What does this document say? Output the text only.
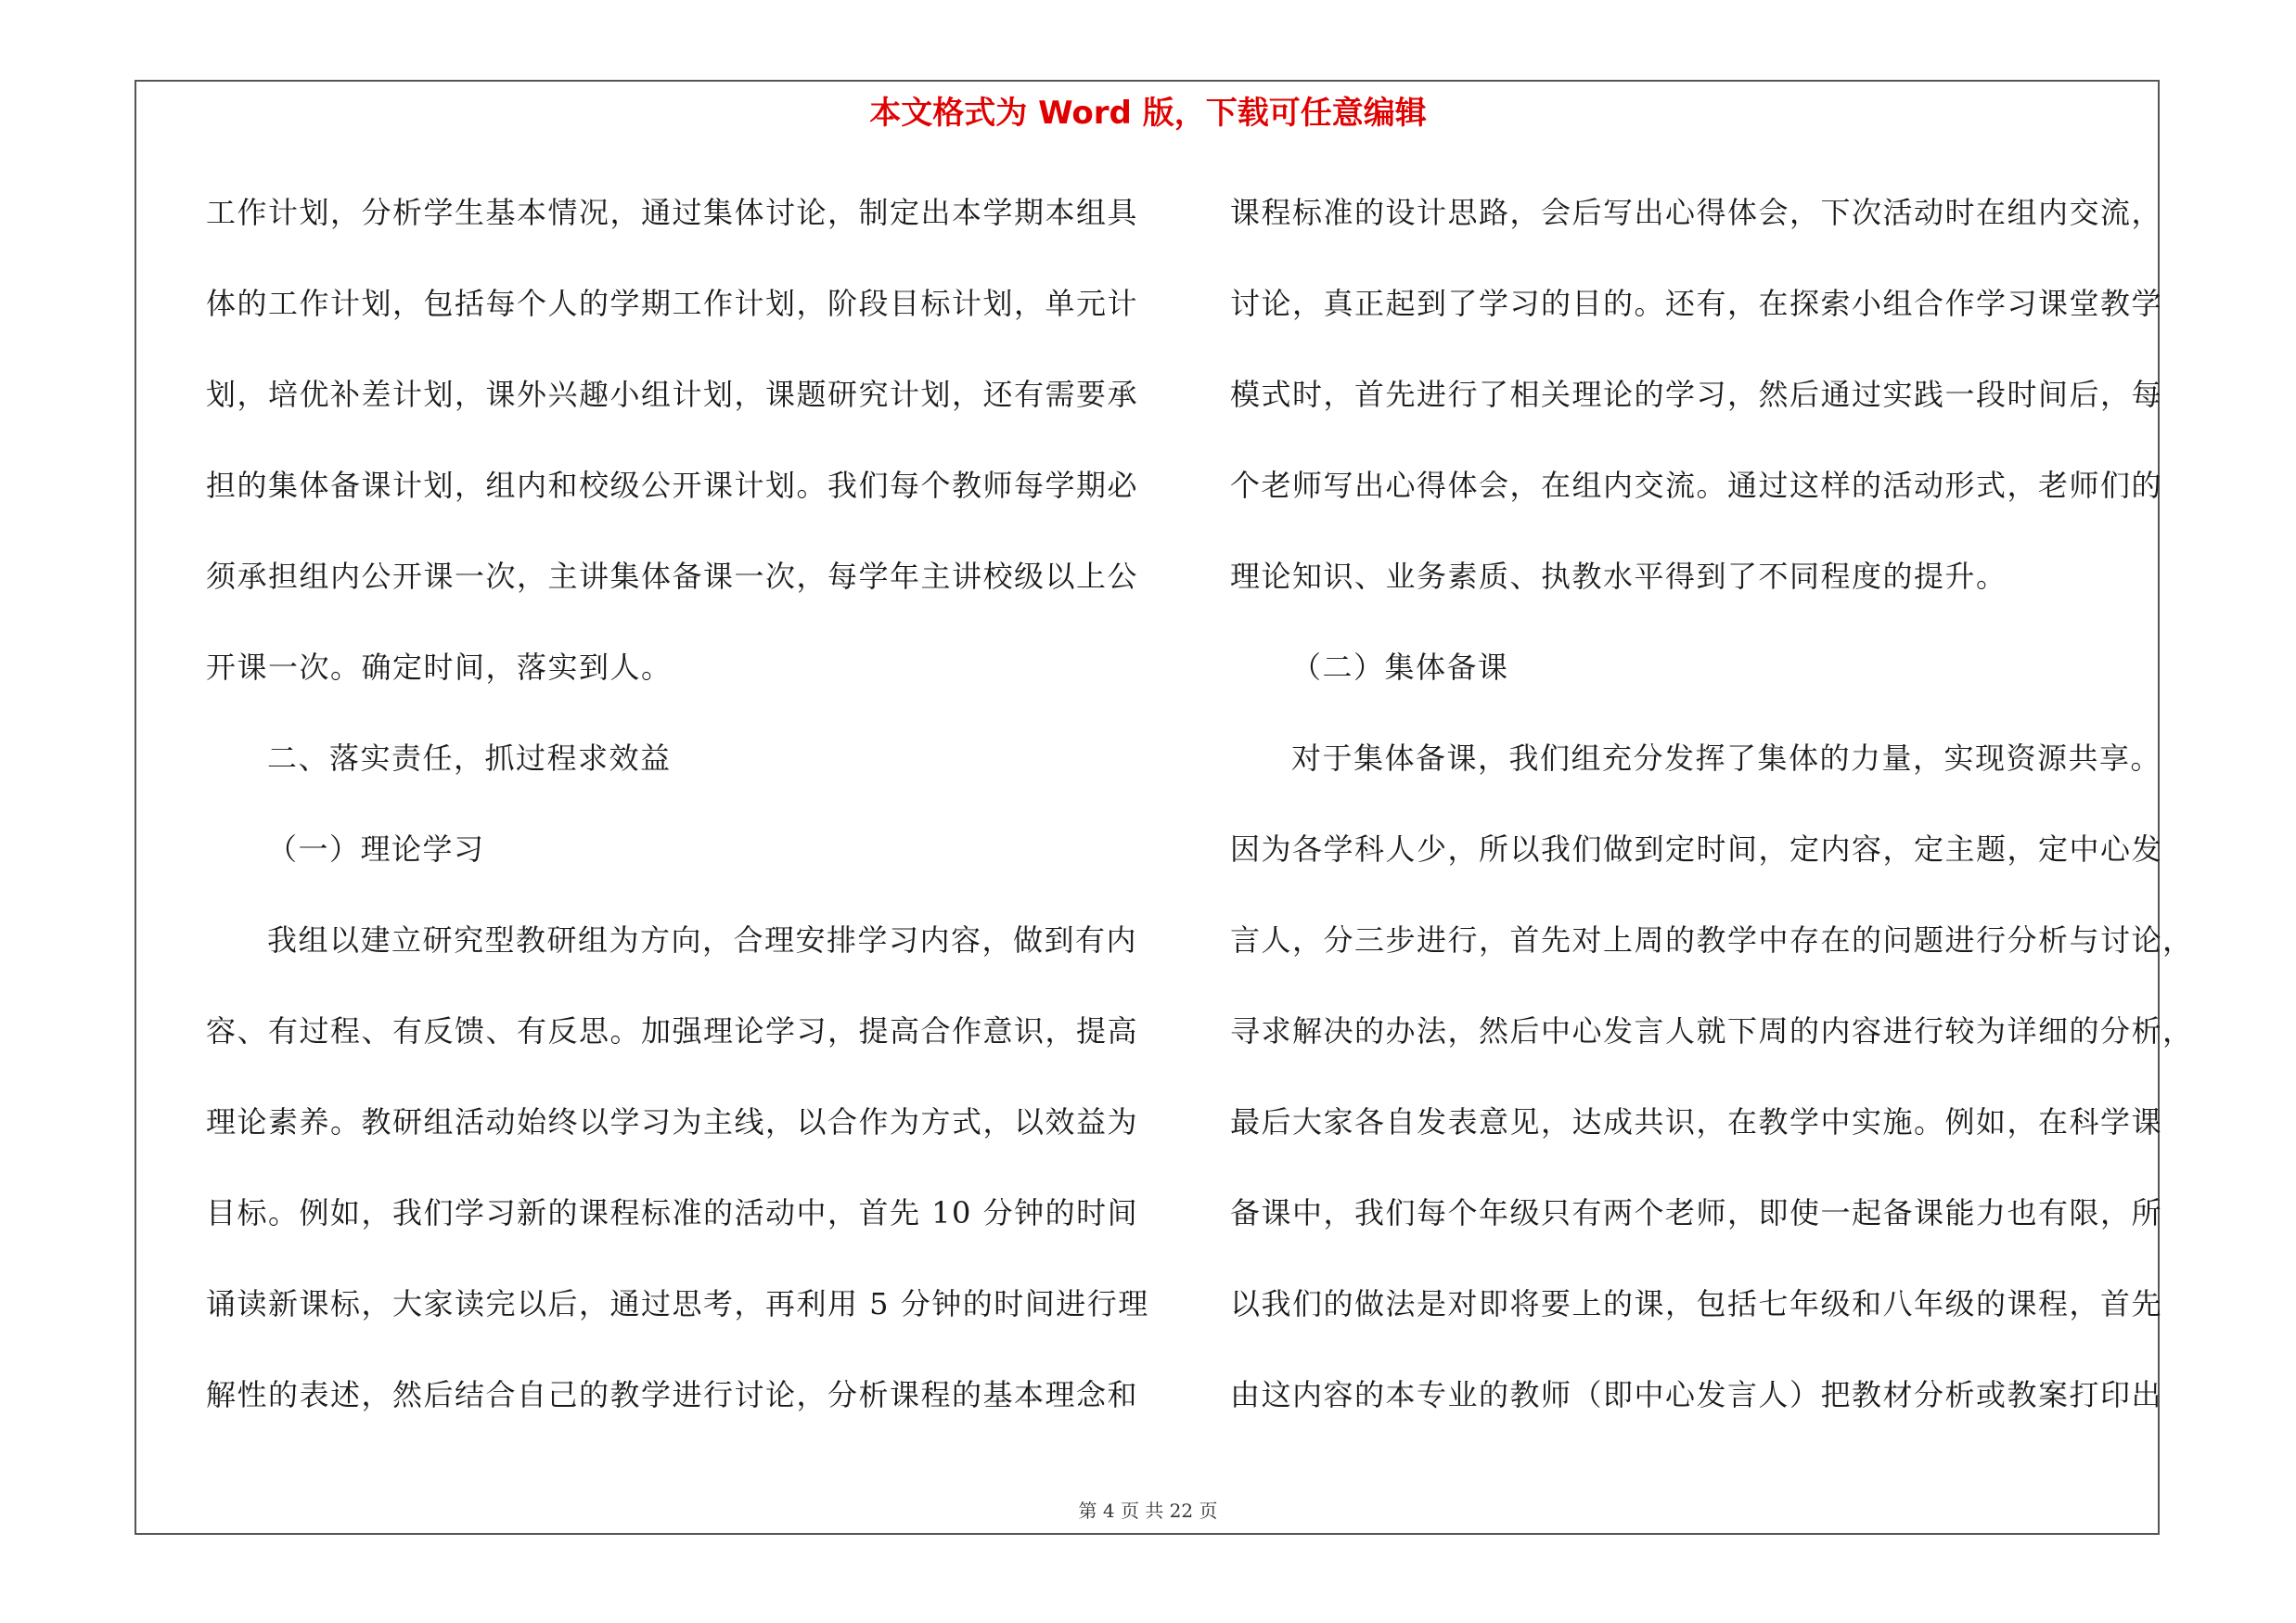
本文格式为 Word 版，下载可任意编辑
工作计划，分析学生基本情况，通过集体讨论，制定出本学期本组具
体的工作计划，包括每个人的学期工作计划，阶段目标计划，单元计
划，培优补差计划，课外兴趣小组计划，课题研究计划，还有需要承
担的集体备课计划，组内和校级公开课计划。我们每个教师每学期必
须承担组内公开课一次，主讲集体备课一次，每学年主讲校级以上公
开课一次。确定时间，落实到人。
二、落实责任，抓过程求效益
（一）理论学习
我组以建立研究型教研组为方向，合理安排学习内容，做到有内
容、有过程、有反馈、有反思。加强理论学习，提高合作意识，提高
理论素养。教研组活动始终以学习为主线，以合作为方式，以效益为
目标。例如，我们学习新的课程标准的活动中，首先 10 分钟的时间
诵读新课标，大家读完以后，通过思考，再利用 5 分钟的时间进行理
解性的表述，然后结合自己的教学进行讨论，分析课程的基本理念和
课程标准的设计思路，会后写出心得体会，下次活动时在组内交流，
讨论，真正起到了学习的目的。还有，在探索小组合作学习课堂教学
模式时，首先进行了相关理论的学习，然后通过实践一段时间后，每
个老师写出心得体会，在组内交流。通过这样的活动形式，老师们的
理论知识、业务素质、执教水平得到了不同程度的提升。
（二）集体备课
对于集体备课，我们组充分发挥了集体的力量，实现资源共享。
因为各学科人少，所以我们做到定时间，定内容，定主题，定中心发
言人，分三步进行，首先对上周的教学中存在的问题进行分析与讨论，
寻求解决的办法，然后中心发言人就下周的内容进行较为详细的分析，
最后大家各自发表意见，达成共识，在教学中实施。例如，在科学课
备课中，我们每个年级只有两个老师，即使一起备课能力也有限，所
以我们的做法是对即将要上的课，包括七年级和八年级的课程，首先
由这内容的本专业的教师（即中心发言人）把教材分析或教案打印出
第 4 页 共 22 页
